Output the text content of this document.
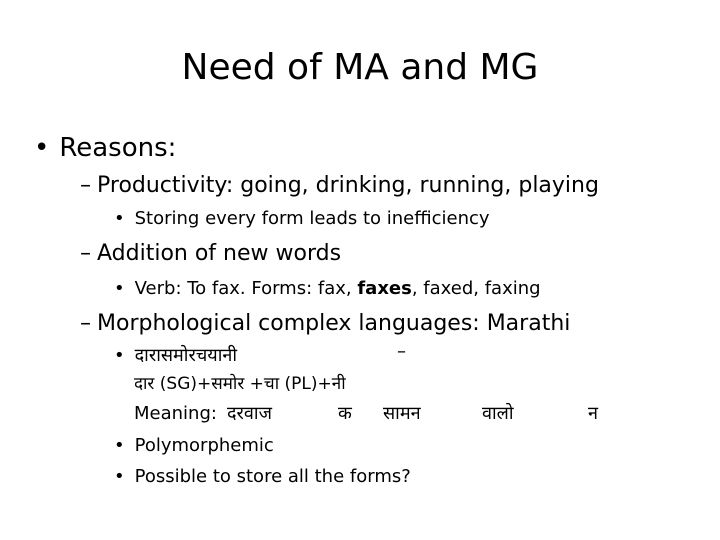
Need of MA and MG
• Reasons:
– Productivity: going, drinking, running, playing
• Storing every form leads to inefficiency
– Addition of new words
• Verb: To fax. Forms: fax, faxes, faxed, faxing
– Morphological complex languages: Marathi
• दारासमोरचयानी	–
दार (SG)+समोर +चा (PL)+नी
Meaning: दरवाज	क सामन	वालो	न
• Polymorphemic
• Possible to store all the forms?
